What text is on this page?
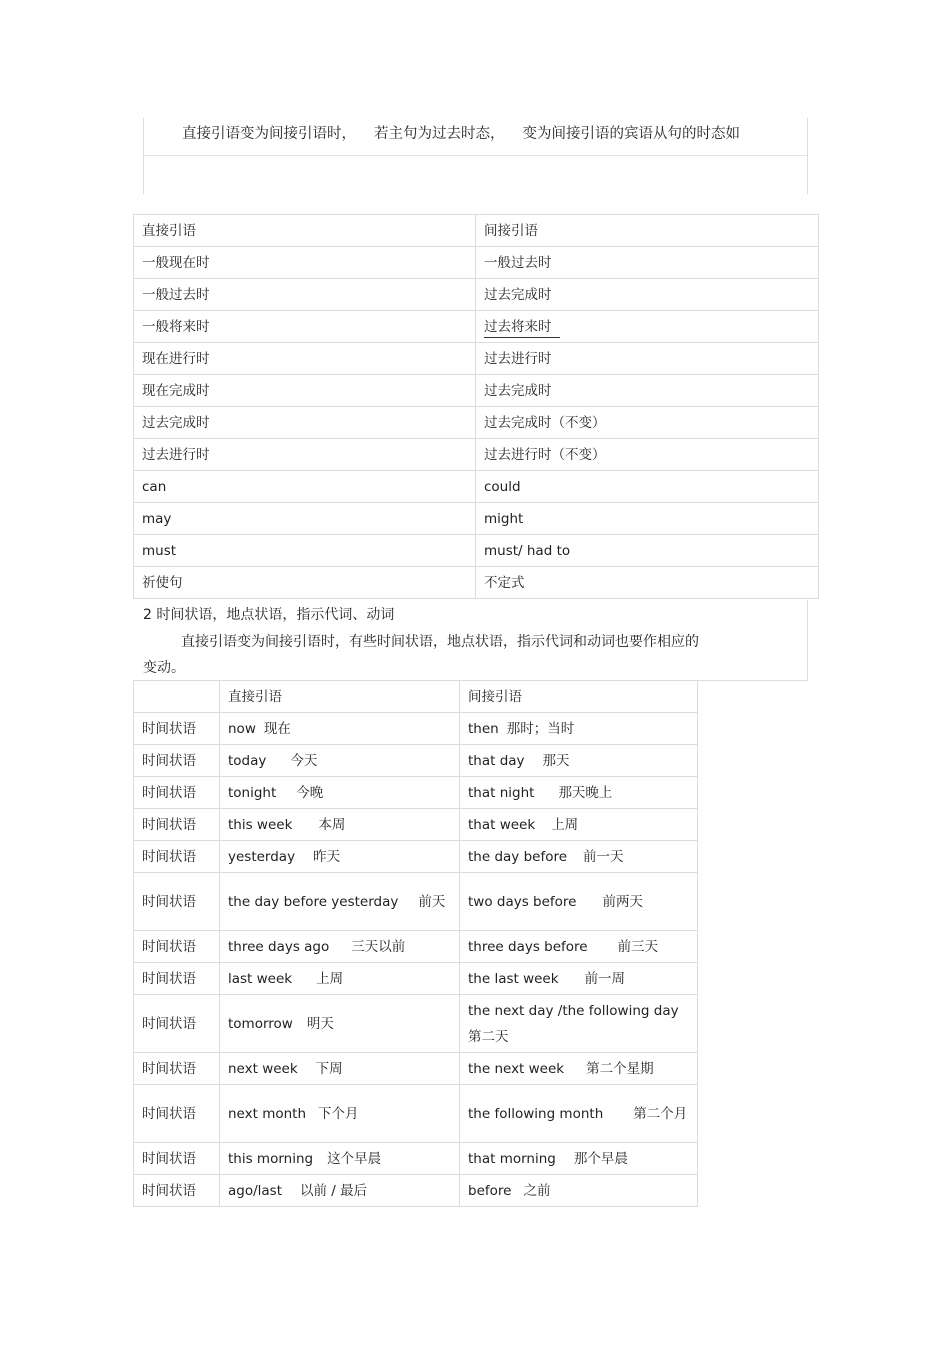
直接引语变为间接引语时， 若主句为过去时态， 变为间接引语的宾语从句的时态如
直接引语	间接引语
一般现在时	一般过去时
一般过去时	过去完成时
一般将来时	过去将来时
现在进行时	过去进行时
现在完成时	过去完成时
过去完成时	过去完成时（不变）
过去进行时	过去进行时（不变）
can	could
may	might
must	must/ had to
祈使句	不定式
2 时间状语，地点状语，指示代词、动词
直接引语变为间接引语时，有些时间状语，地点状语，指示代词和动词也要作相应的
变动。
	直接引语	间接引语
时间状语	now 现在	then 那时；当时
时间状语	today 今天	that day 那天
时间状语	tonight 今晚	that night 那天晚上
时间状语	this week 本周	that week 上周
时间状语	yesterday 昨天	the day before 前一天
时间状语	the day before yesterday 前天	two days before 前两天
时间状语	three days ago 三天以前	three days before 前三天
时间状语	last week 上周	the last week 前一周
时间状语	tomorrow 明天	the next day /the following day第二天
时间状语	next week 下周	the next week 第二个星期
时间状语	next month 下个月	the following month 第二个月
时间状语	this morning 这个早晨	that morning 那个早晨
时间状语	ago/last 以前 / 最后	before 之前
